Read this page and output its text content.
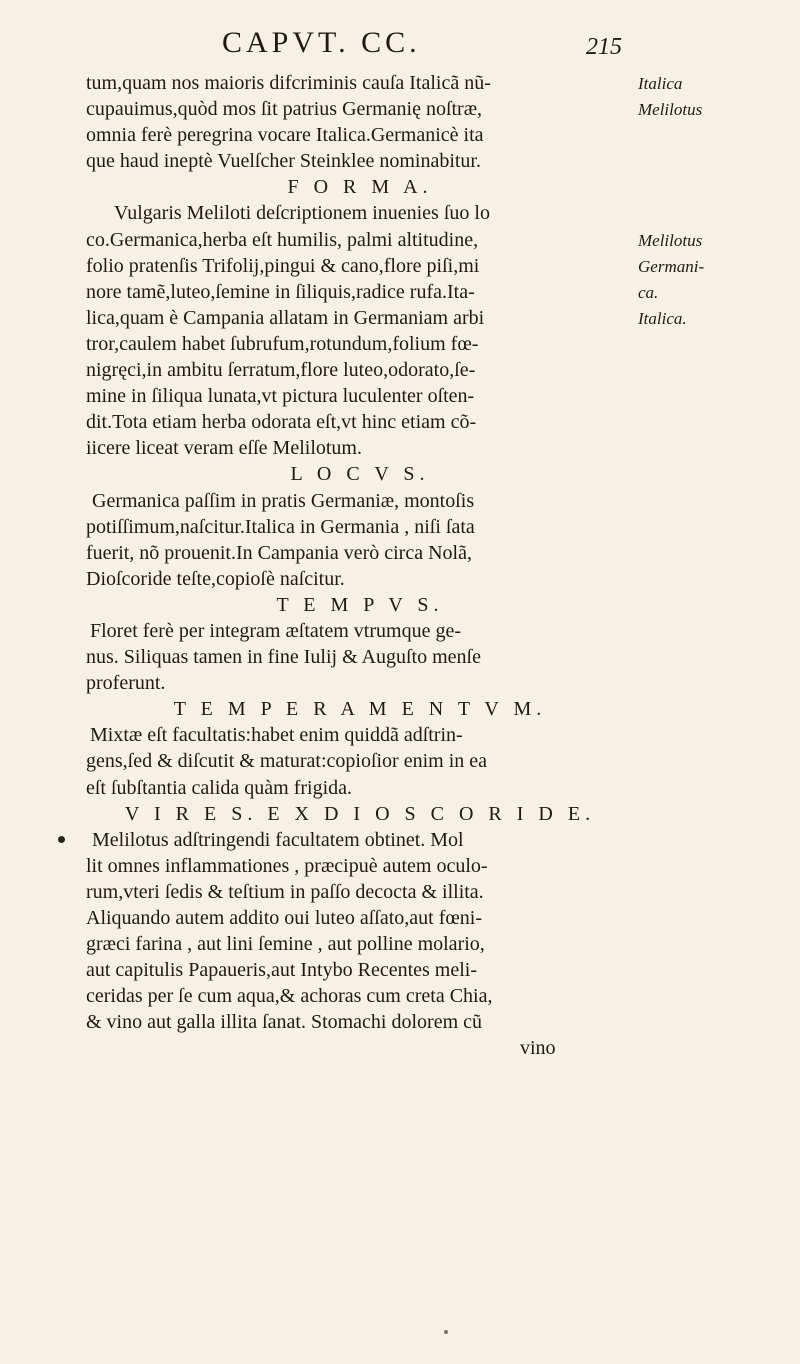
CAPVT. CC.	215
tum,quam nos maioris difcriminis cauſa Italicã nũ-
cupauimus,quòd mos ſit patrius Germanię noſtræ,
omnia ferè peregrina vocare Italica.Germanicè ita
que haud ineptè Vuelſcher Steinklee nominabitur.
F O R M A.
Vulgaris Meliloti deſcriptionem inuenies ſuo lo
co.Germanica,herba eſt humilis, palmi altitudine,
folio pratenſis Trifolij,pingui & cano,flore piſi,mi
nore tamẽ,luteo,ſemine in ſiliquis,radice rufa.Ita-
lica,quam è Campania allatam in Germaniam arbi
tror,caulem habet ſubrufum,rotundum,folium fœ-
nigręci,in ambitu ſerratum,flore luteo,odorato,ſe-
mine in ſiliqua lunata,vt pictura luculenter oſten-
dit.Tota etiam herba odorata eſt,vt hinc etiam cõ-
iicere liceat veram eſſe Melilotum.
L O C V S.
Germanica paſſim in pratis Germaniæ, montoſis
potiſſimum,naſcitur.Italica in Germania , niſi ſata
fuerit, nõ prouenit.In Campania verò circa Nolã,
Dioſcoride teſte,copioſè naſcitur.
T E M P V S.
Floret ferè per integram æſtatem vtrumque ge-
nus. Siliquas tamen in fine Iulij & Auguſto menſe
proferunt.
T E M P E R A M E N T V M.
Mixtæ eſt facultatis:habet enim quiddã adſtrin-
gens,ſed & diſcutit & maturat:copioſior enim in ea
eſt ſubſtantia calida quàm frigida.
V I R E S. E X D I O S C O R I D E.
Melilotus adſtringendi facultatem obtinet. Mol
lit omnes inflammationes , præcipuè autem oculo-
rum,vteri ſedis & teſtium in paſſo decocta & illita.
Aliquando autem addito oui luteo aſſato,aut fœni-
græci farina , aut lini ſemine , aut polline molario,
aut capitulis Papaueris,aut Intybo Recentes meli-
ceridas per ſe cum aqua,& achoras cum creta Chia,
& vino aut galla illita ſanat. Stomachi dolorem cũ
vino
Italica
Melilotus
Melilotus
Germani-
ca.
Italica.
